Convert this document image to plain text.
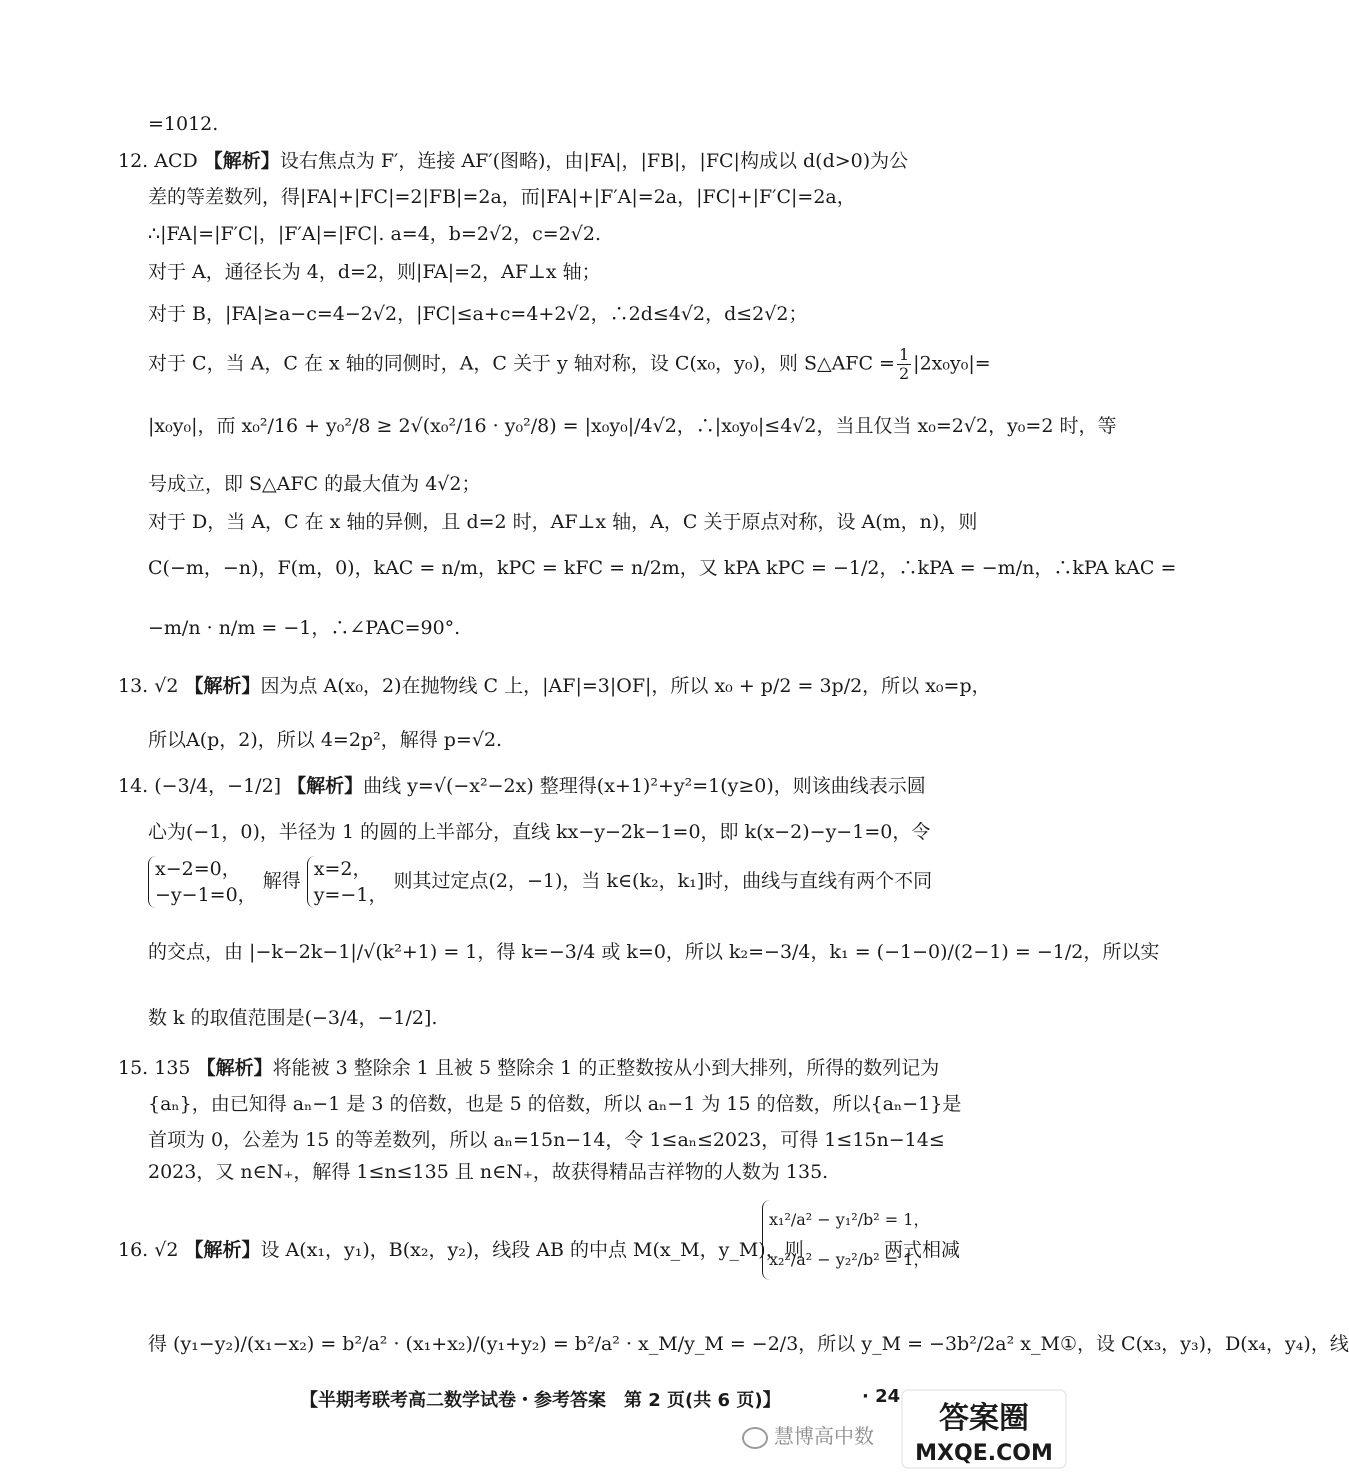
=1012.
12. ACD 【解析】设右焦点为 F′，连接 AF′(图略)，由|FA|，|FB|，|FC|构成以 d(d>0)为公
差的等差数列，得|FA|+|FC|=2|FB|=2a，而|FA|+|F′A|=2a，|FC|+|F′C|=2a，
∴|FA|=|F′C|，|F′A|=|FC|. a=4，b=2√2，c=2√2.
对于 A，通径长为 4，d=2，则|FA|=2，AF⊥x 轴；
对于 B，|FA|≥a−c=4−2√2，|FC|≤a+c=4+2√2，∴2d≤4√2，d≤2√2；
对于 C，当 A，C 在 x 轴的同侧时，A，C 关于 y 轴对称，设 C(x₀，y₀)，则 S△AFC = $\frac{1}{2} |2x_0y_0|=$
|x₀y₀|，而 x₀²/16 + y₀²/8 ≥ 2√(x₀²/16 · y₀²/8) = |x₀y₀|/4√2，∴|x₀y₀|≤4√2，当且仅当 x₀=2√2，y₀=2 时，等
号成立，即 S△AFC 的最大值为 4√2；
对于 D，当 A，C 在 x 轴的异侧，且 d=2 时，AF⊥x 轴，A，C 关于原点对称，设 A(m，n)，则
C(−m，−n)，F(m，0)，kAC = n/m，kPC = kFC = n/2m，又 kPA kPC = −1/2，∴kPA = −m/n，∴kPA kAC =
−m/n · n/m = −1，∴∠PAC=90°.
13. √2 【解析】因为点 A(x₀，2)在抛物线 C 上，|AF|=3|OF|，所以 x₀ + p/2 = 3p/2，所以 x₀=p，
所以A(p，2)，所以 4=2p²，解得 p=√2.
14. (−3/4，−1/2] 【解析】曲线 y=√(−x²−2x) 整理得(x+1)²+y²=1(y≥0)，则该曲线表示圆
心为(−1，0)，半径为 1 的圆的上半部分，直线 kx−y−2k−1=0，即 k(x−2)−y−1=0，令
x−2=0，
−y−1=0，
解得
x=2，
y=−1，
则其过定点(2，−1)，当 k∈(k₂，k₁]时，曲线与直线有两个不同
的交点，由 |−k−2k−1|/√(k²+1) = 1，得 k=−3/4 或 k=0，所以 k₂=−3/4，k₁ = (−1−0)/(2−1) = −1/2，所以实
数 k 的取值范围是(−3/4，−1/2].
15. 135 【解析】将能被 3 整除余 1 且被 5 整除余 1 的正整数按从小到大排列，所得的数列记为
{aₙ}，由已知得 aₙ−1 是 3 的倍数，也是 5 的倍数，所以 aₙ−1 为 15 的倍数，所以{aₙ−1}是
首项为 0，公差为 15 的等差数列，所以 aₙ=15n−14，令 1≤aₙ≤2023，可得 1≤15n−14≤
2023，又 n∈N₊，解得 1≤n≤135 且 n∈N₊，故获得精品吉祥物的人数为 135.
16. √2 【解析】设 A(x₁，y₁)，B(x₂，y₂)，线段 AB 的中点 M(x_M，y_M)，则
x₁²/a² − y₁²/b² = 1，
x₂²/a² − y₂²/b² = 1，
两式相减
得 (y₁−y₂)/(x₁−x₂) = b²/a² · (x₁+x₂)/(y₁+y₂) = b²/a² · x_M/y_M = −2/3，所以 y_M = −3b²/2a² x_M①，设 C(x₃，y₃)，D(x₄，y₄)，线
【半期考联考高二数学试卷・参考答案　第 2 页(共 6 页)】	· 24
慧博高中数 答案圈
MXQE.COM
